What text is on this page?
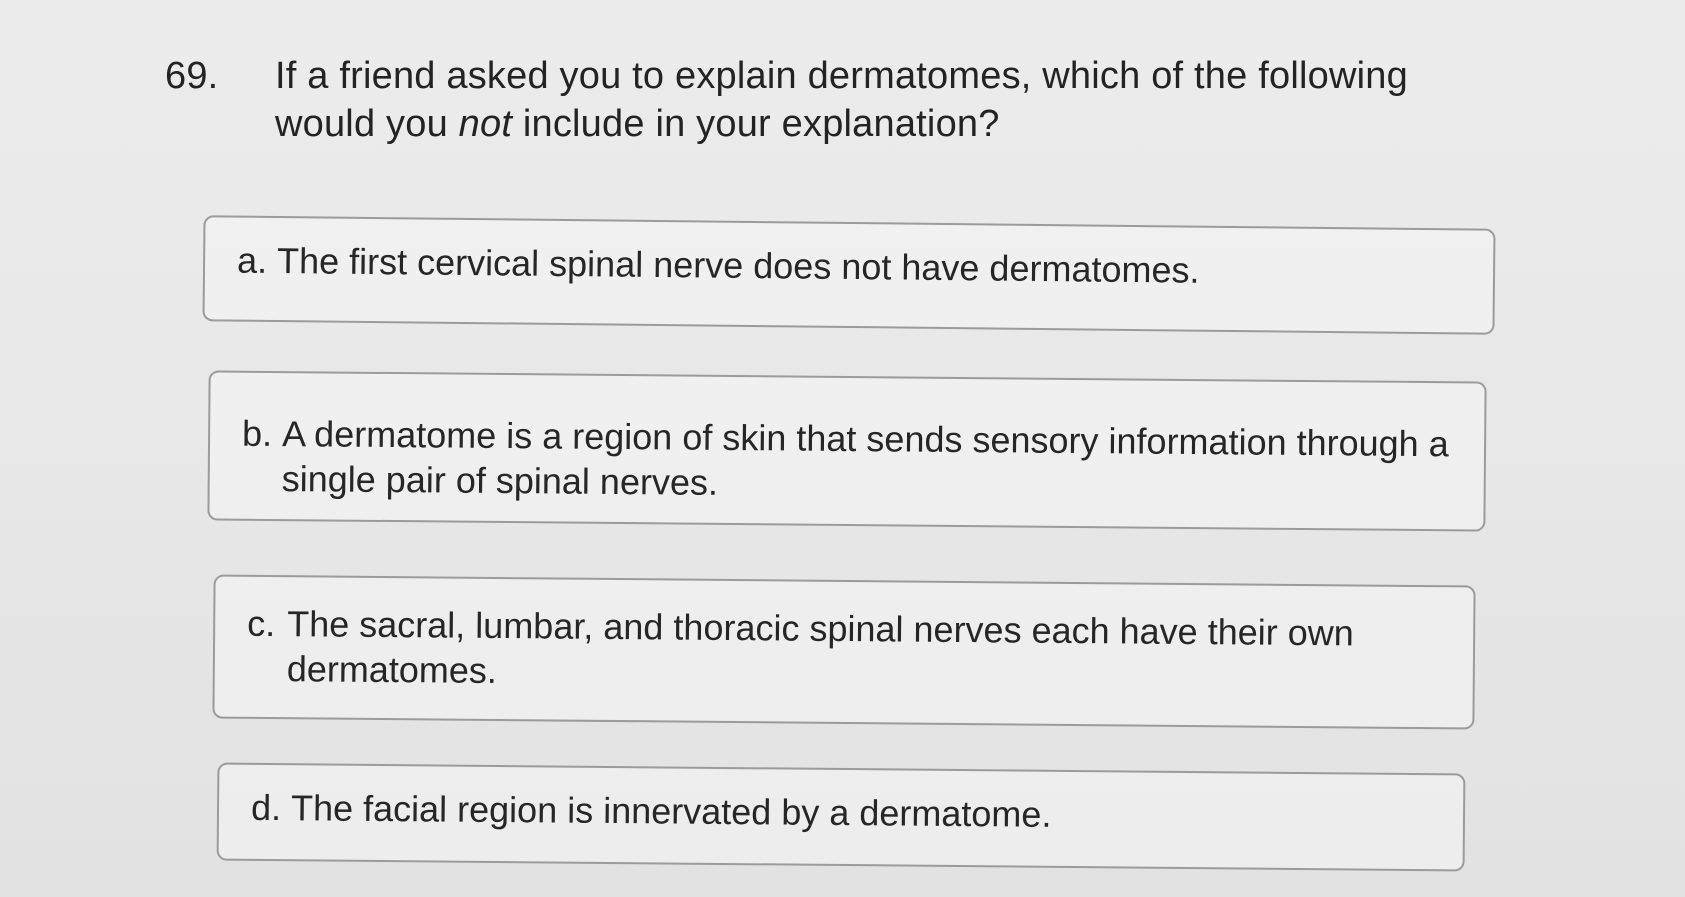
69. If a friend asked you to explain dermatomes, which of the following would you not include in your explanation?
a. The first cervical spinal nerve does not have dermatomes.
b. A dermatome is a region of skin that sends sensory information through a single pair of spinal nerves.
c. The sacral, lumbar, and thoracic spinal nerves each have their own dermatomes.
d. The facial region is innervated by a dermatome.
